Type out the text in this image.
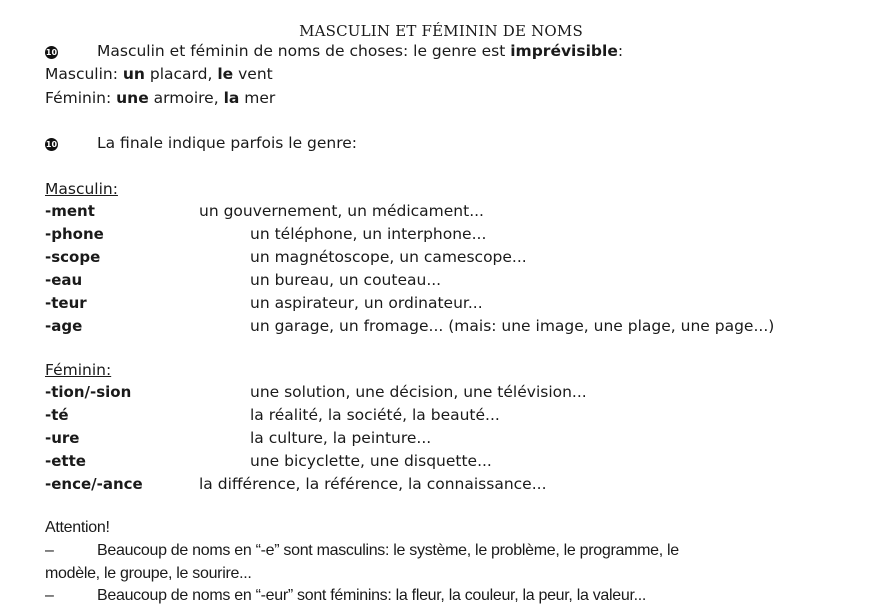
MASCULIN ET FÉMININ DE NOMS
10	Masculin et féminin de noms de choses: le genre est imprévisible:
Masculin: un placard, le vent
Féminin: une armoire, la mer
10	La finale indique parfois le genre:
Masculin:
-ment	un gouvernement, un médicament...
-phone	un téléphone, un interphone...
-scope	un magnétoscope, un camescope...
-eau	un bureau, un couteau...
-teur	un aspirateur, un ordinateur...
-age	un garage, un fromage... (mais: une image, une plage, une page...)
Féminin:
-tion/-sion	une solution, une décision, une télévision...
-té	la réalité, la société, la beauté...
-ure	la culture, la peinture...
-ette	une bicyclette, une disquette...
-ence/-ance	la différence, la référence, la connaissance...
Attention!
–	Beaucoup de noms en “-e” sont masculins: le système, le problème, le programme, le
modèle, le groupe, le sourire...
–	Beaucoup de noms en “-eur” sont féminins: la fleur, la couleur, la peur, la valeur...
